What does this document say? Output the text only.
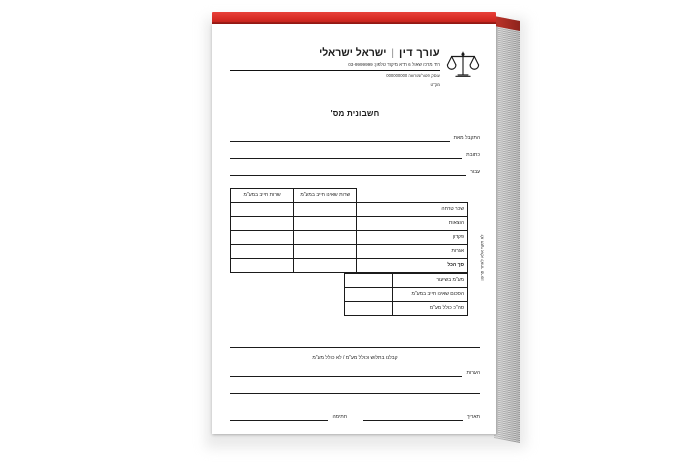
עורך דין
|
ישראל ישראלי
רח' מרכז שאול 6 ת"א מיקוד טלפון: 03-9999999
עוסק פטור/מורשה 000000000
מק"ט
חשבונית מס'
התקבל מאת
כתובת
עבור
לא תקף אלא לאחר פרעון
	שרות שאינו חייב במע"מ	שרות חייב במע"מ
שכר טרחה		
הוצאות		
פקדון		
אגרות		
סך הכל		
מע"מ בשיעור	
הסכום שאינו חייב במע"מ	
סה"כ כולל מע"מ	
קבלנו בתלוש וכולל מע"מ / לא כולל מע"מ
הערות
תאריך
חתימה
